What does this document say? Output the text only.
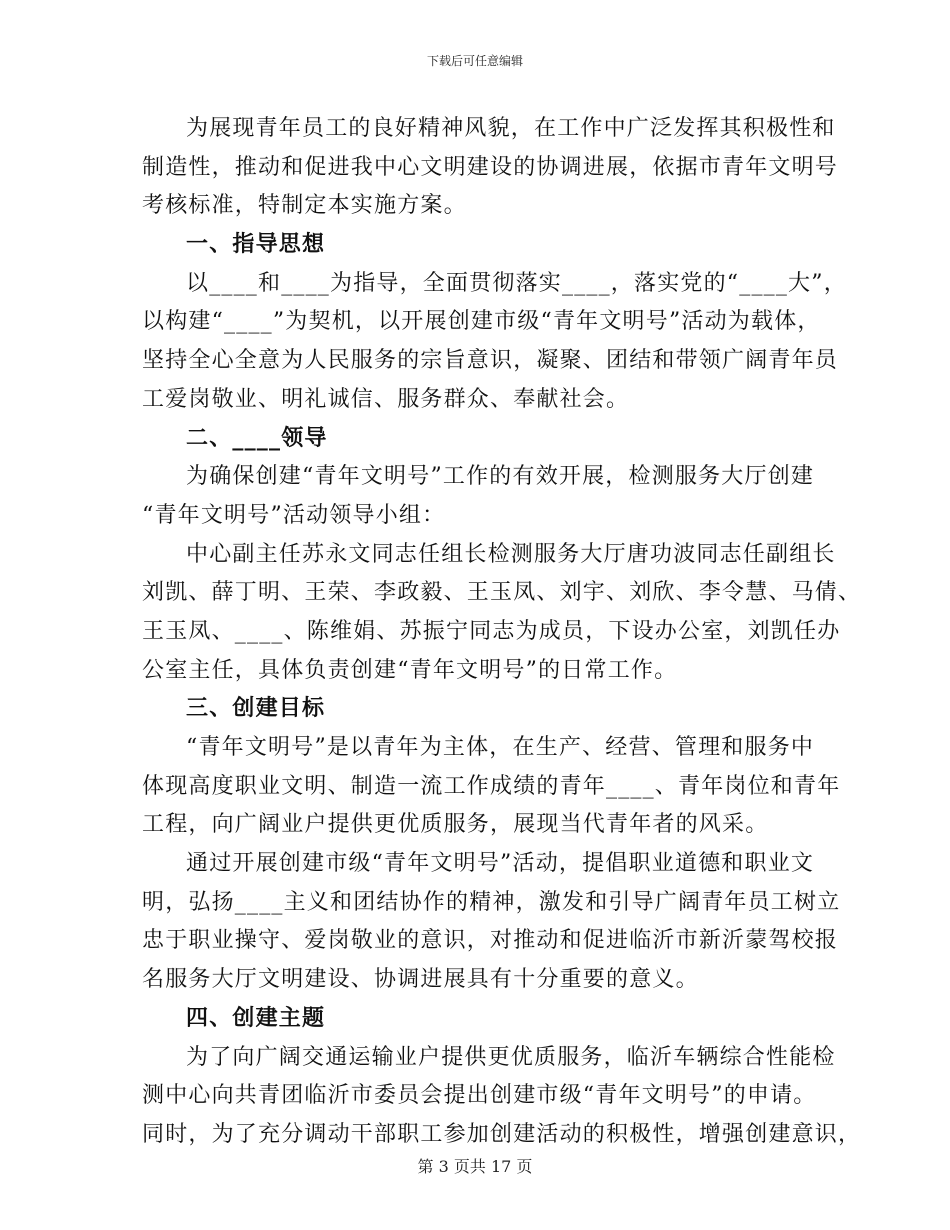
下载后可任意编辑
为展现青年员工的良好精神风貌，在工作中广泛发挥其积极性和
制造性，推动和促进我中心文明建设的协调进展，依据市青年文明号
考核标准，特制定本实施方案。
一、指导思想
以____和____为指导，全面贯彻落实____，落实党的“____大”，
以构建“____”为契机，以开展创建市级“青年文明号”活动为载体，
坚持全心全意为人民服务的宗旨意识，凝聚、团结和带领广阔青年员
工爱岗敬业、明礼诚信、服务群众、奉献社会。
二、____领导
为确保创建“青年文明号”工作的有效开展，检测服务大厅创建
“青年文明号”活动领导小组：
中心副主任苏永文同志任组长检测服务大厅唐功波同志任副组长
刘凯、薛丁明、王荣、李政毅、王玉凤、刘宇、刘欣、李令慧、马倩、
王玉凤、____、陈维娟、苏振宁同志为成员，下设办公室，刘凯任办
公室主任，具体负责创建“青年文明号”的日常工作。
三、创建目标
“青年文明号”是以青年为主体，在生产、经营、管理和服务中
体现高度职业文明、制造一流工作成绩的青年____、青年岗位和青年
工程，向广阔业户提供更优质服务，展现当代青年者的风采。
通过开展创建市级“青年文明号”活动，提倡职业道德和职业文
明，弘扬____主义和团结协作的精神，激发和引导广阔青年员工树立
忠于职业操守、爱岗敬业的意识，对推动和促进临沂市新沂蒙驾校报
名服务大厅文明建设、协调进展具有十分重要的意义。
四、创建主题
为了向广阔交通运输业户提供更优质服务，临沂车辆综合性能检
测中心向共青团临沂市委员会提出创建市级“青年文明号”的申请。
同时，为了充分调动干部职工参加创建活动的积极性，增强创建意识，
第 3 页共 17 页
